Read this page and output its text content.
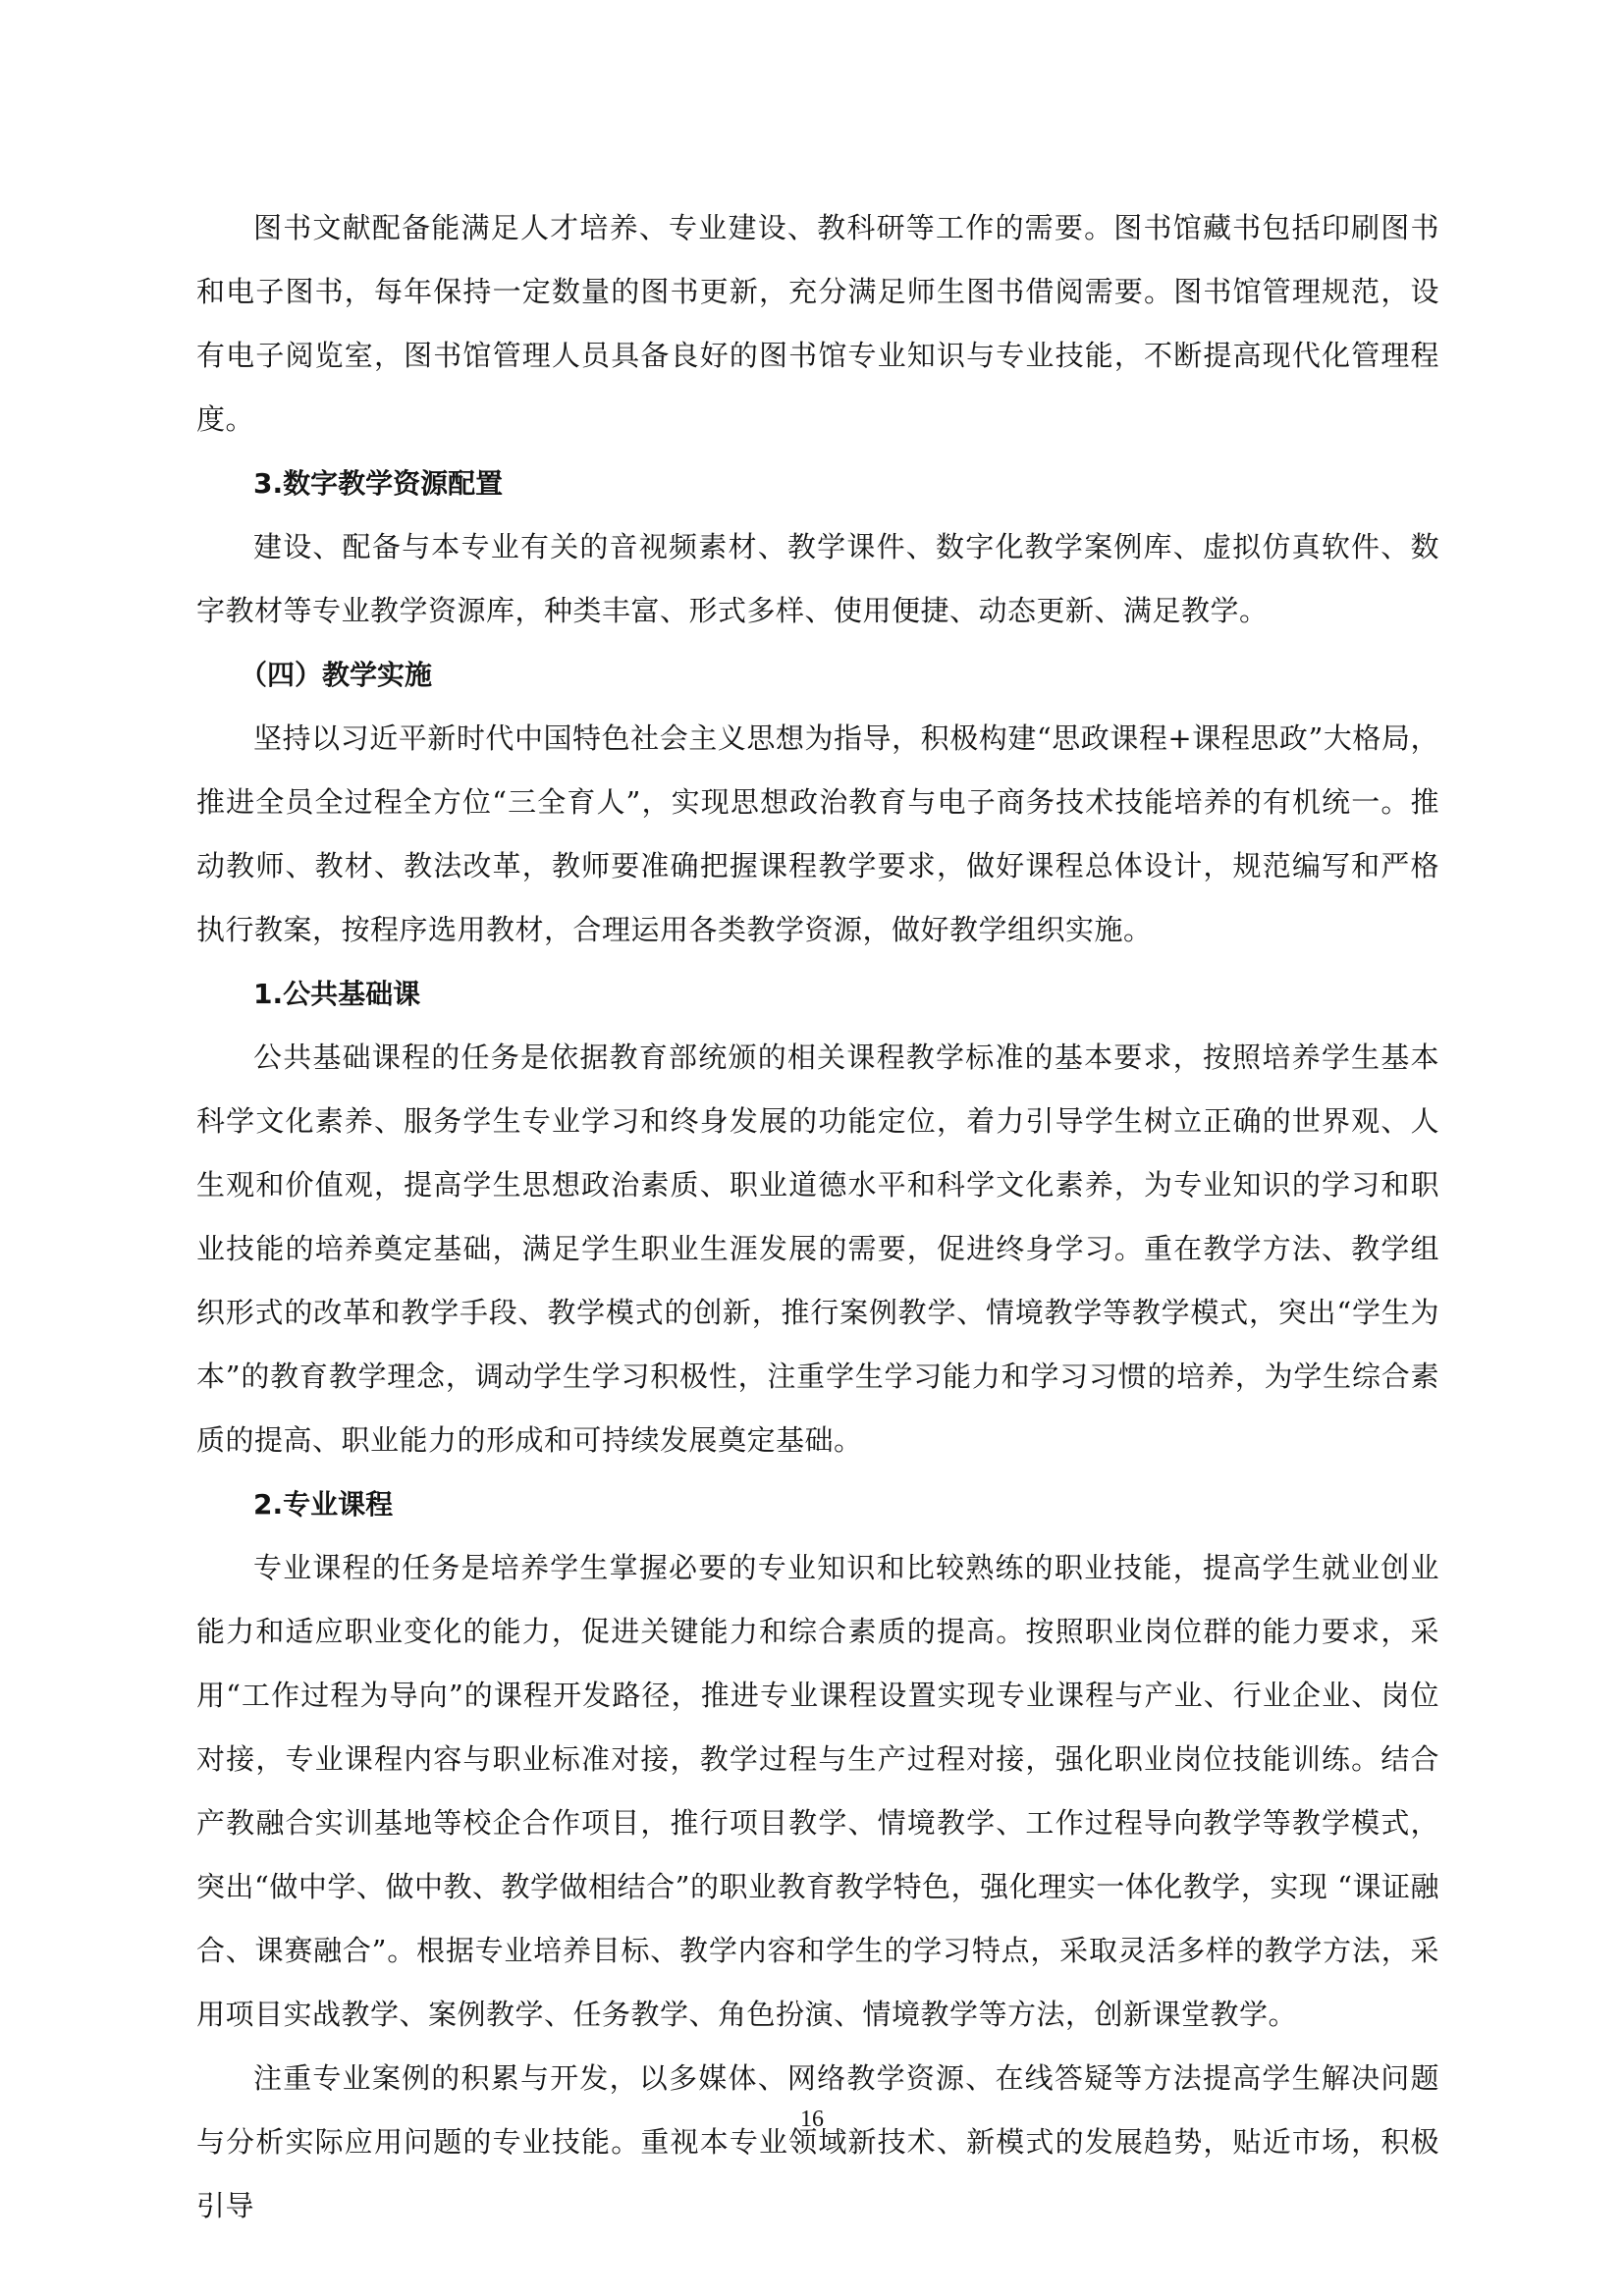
图书文献配备能满足人才培养、专业建设、教科研等工作的需要。图书馆藏书包括印刷图书和电子图书，每年保持一定数量的图书更新，充分满足师生图书借阅需要。图书馆管理规范，设有电子阅览室，图书馆管理人员具备良好的图书馆专业知识与专业技能，不断提高现代化管理程度。

3.数字教学资源配置

建设、配备与本专业有关的音视频素材、教学课件、数字化教学案例库、虚拟仿真软件、数字教材等专业教学资源库，种类丰富、形式多样、使用便捷、动态更新、满足教学。

（四）教学实施

坚持以习近平新时代中国特色社会主义思想为指导，积极构建“思政课程+课程思政”大格局，推进全员全过程全方位“三全育人”，实现思想政治教育与电子商务技术技能培养的有机统一。推动教师、教材、教法改革，教师要准确把握课程教学要求，做好课程总体设计，规范编写和严格执行教案，按程序选用教材，合理运用各类教学资源，做好教学组织实施。

1.公共基础课

公共基础课程的任务是依据教育部统颁的相关课程教学标准的基本要求，按照培养学生基本科学文化素养、服务学生专业学习和终身发展的功能定位，着力引导学生树立正确的世界观、人生观和价值观，提高学生思想政治素质、职业道德水平和科学文化素养，为专业知识的学习和职业技能的培养奠定基础，满足学生职业生涯发展的需要，促进终身学习。重在教学方法、教学组织形式的改革和教学手段、教学模式的创新，推行案例教学、情境教学等教学模式，突出“学生为本”的教育教学理念，调动学生学习积极性，注重学生学习能力和学习习惯的培养，为学生综合素质的提高、职业能力的形成和可持续发展奠定基础。

2.专业课程

专业课程的任务是培养学生掌握必要的专业知识和比较熟练的职业技能，提高学生就业创业能力和适应职业变化的能力，促进关键能力和综合素质的提高。按照职业岗位群的能力要求，采用“工作过程为导向”的课程开发路径，推进专业课程设置实现专业课程与产业、行业企业、岗位对接，专业课程内容与职业标准对接，教学过程与生产过程对接，强化职业岗位技能训练。结合产教融合实训基地等校企合作项目，推行项目教学、情境教学、工作过程导向教学等教学模式，突出“做中学、做中教、教学做相结合”的职业教育教学特色，强化理实一体化教学，实现 “课证融合、课赛融合”。根据专业培养目标、教学内容和学生的学习特点，采取灵活多样的教学方法，采用项目实战教学、案例教学、任务教学、角色扮演、情境教学等方法，创新课堂教学。

注重专业案例的积累与开发，以多媒体、网络教学资源、在线答疑等方法提高学生解决问题与分析实际应用问题的专业技能。重视本专业领域新技术、新模式的发展趋势，贴近市场，积极引导

16
